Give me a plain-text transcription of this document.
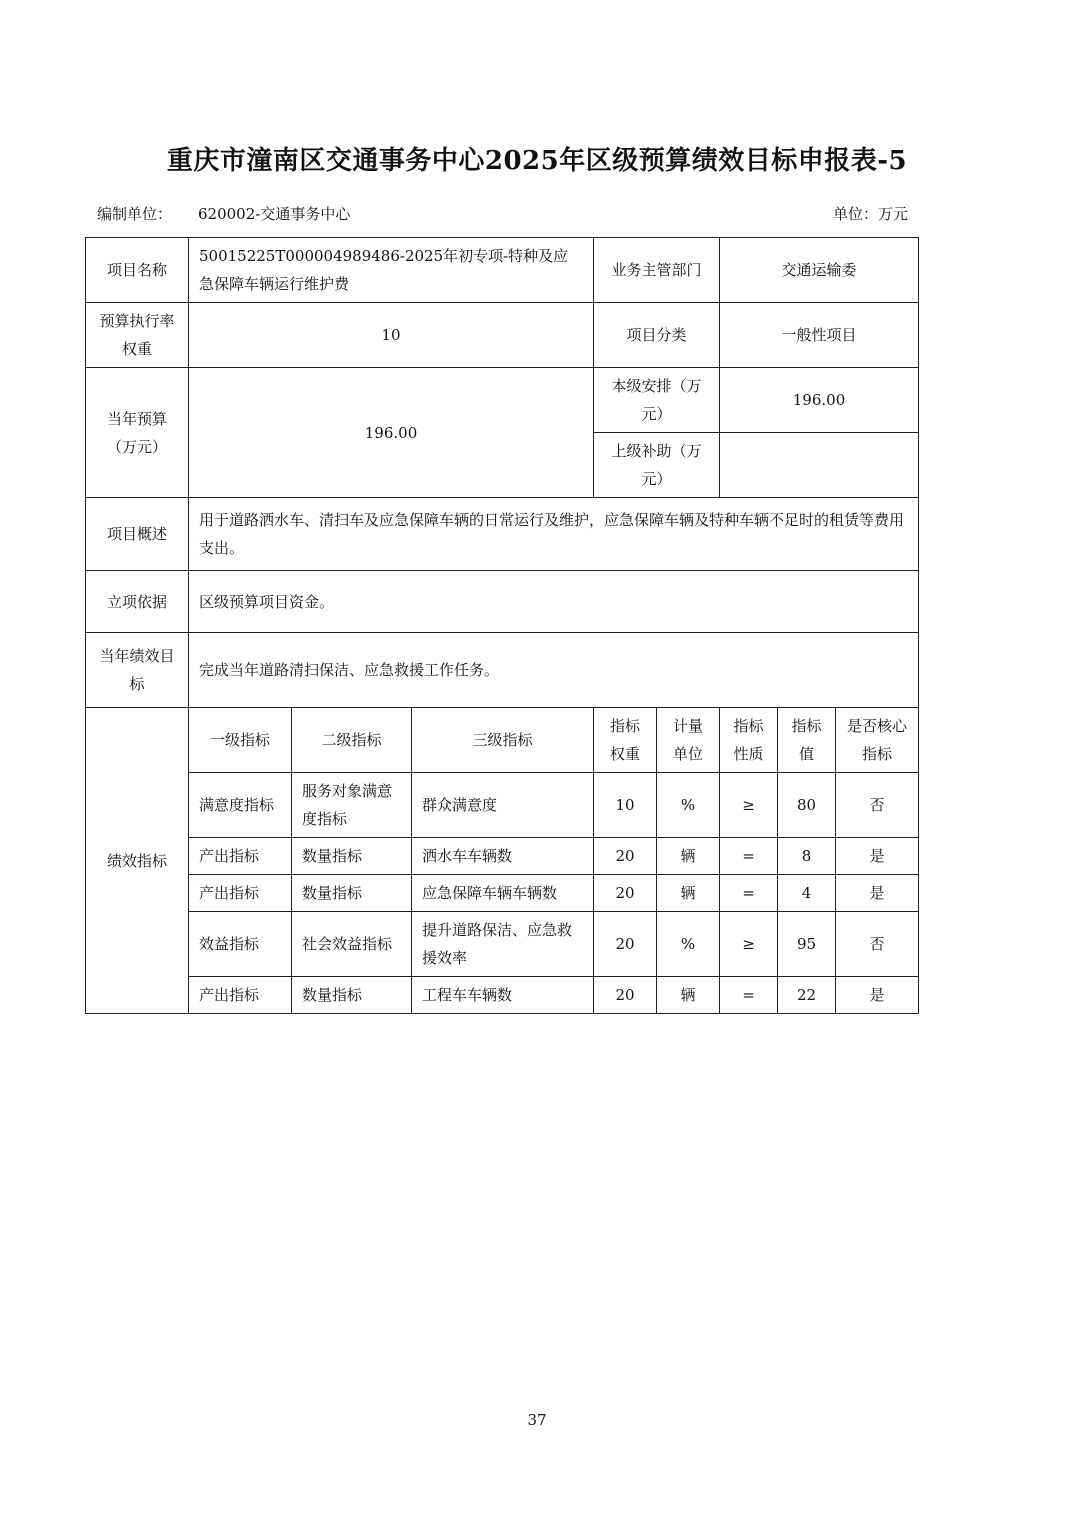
重庆市潼南区交通事务中心2025年区级预算绩效目标申报表-5
编制单位： 620002-交通事务中心	单位：万元
项目名称	50015225T000004989486-2025年初专项-特种及应急保障车辆运行维护费			业务主管部门		交通运输委		
预算执行率权重	10			项目分类		一般性项目		
当年预算（万元）	196.00			本级安排（万元）		196.00		
				上级补助（万元）				
项目概述	用于道路洒水车、清扫车及应急保障车辆的日常运行及维护，应急保障车辆及特种车辆不足时的租赁等费用支出。							
立项依据	区级预算项目资金。							
当年绩效目标	完成当年道路清扫保洁、应急救援工作任务。							
绩效指标	一级指标	二级指标	三级指标	指标权重	计量单位	指标性质	指标值	是否核心指标
	满意度指标	服务对象满意度指标	群众满意度	10	%	≥	80	否
	产出指标	数量指标	洒水车车辆数	20	辆	=	8	是
	产出指标	数量指标	应急保障车辆车辆数	20	辆	=	4	是
	效益指标	社会效益指标	提升道路保洁、应急救援效率	20	%	≥	95	否
	产出指标	数量指标	工程车车辆数	20	辆	=	22	是
37
